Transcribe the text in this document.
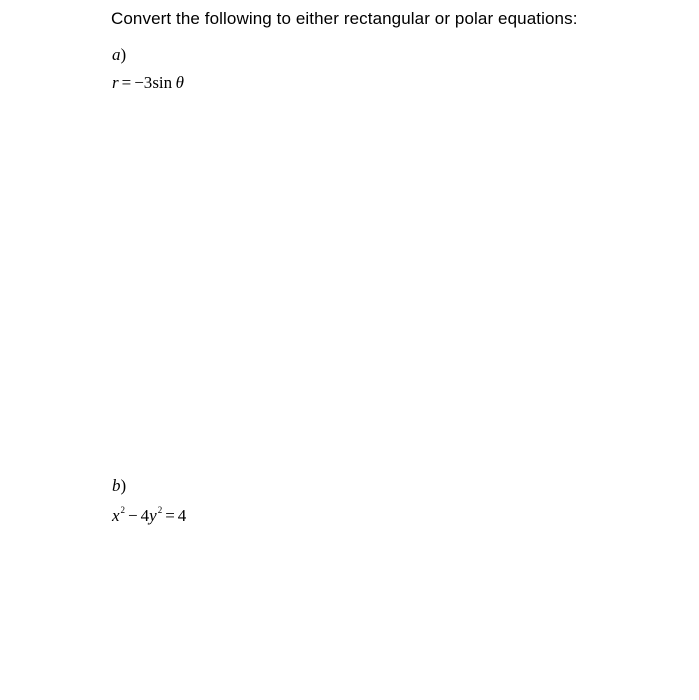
Convert the following to either rectangular or polar equations:
a)
r = −3sin  θ
b)
$x^2 - 4y^2 = 4$
